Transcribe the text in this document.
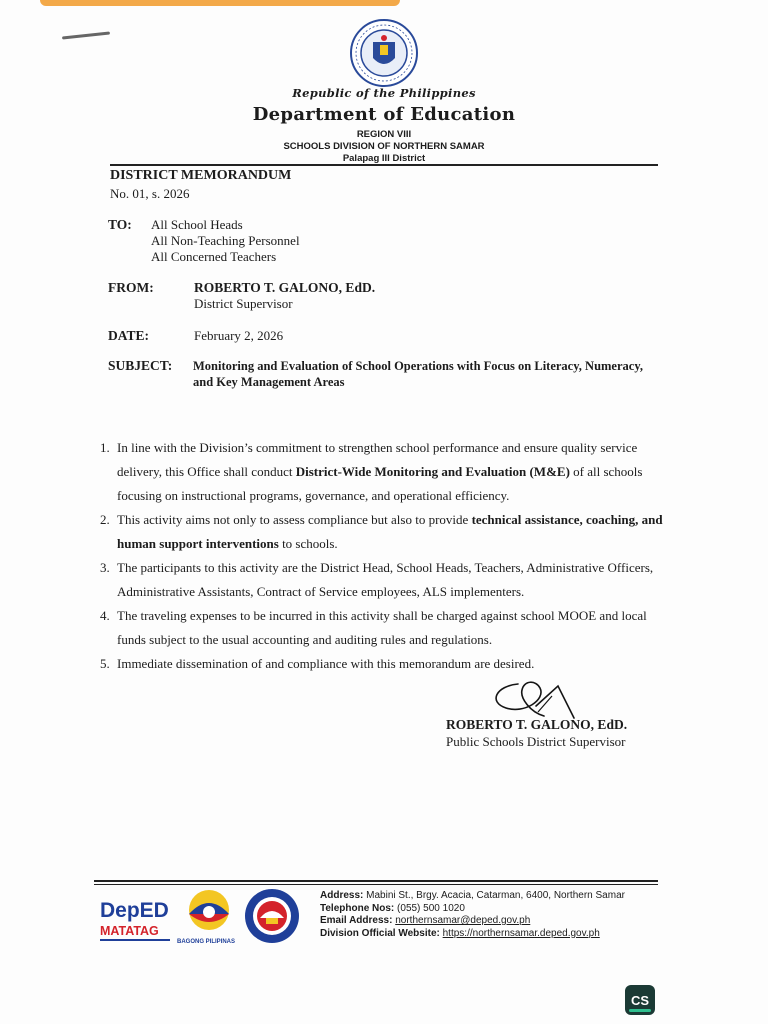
Republic of the Philippines
Department of Education
REGION VIII
SCHOOLS DIVISION OF NORTHERN SAMAR
Palapag III District
DISTRICT MEMORANDUM
No. 01, s. 2026
TO: All School Heads
All Non-Teaching Personnel
All Concerned Teachers
FROM:	ROBERTO T. GALONO, EdD.
District Supervisor
DATE:	February 2, 2026
SUBJECT: Monitoring and Evaluation of School Operations with Focus on Literacy, Numeracy, and Key Management Areas
1. In line with the Division’s commitment to strengthen school performance and ensure quality service delivery, this Office shall conduct District-Wide Monitoring and Evaluation (M&E) of all schools focusing on instructional programs, governance, and operational efficiency.
2. This activity aims not only to assess compliance but also to provide technical assistance, coaching, and human support interventions to schools.
3. The participants to this activity are the District Head, School Heads, Teachers, Administrative Officers, Administrative Assistants, Contract of Service employees, ALS implementers.
4. The traveling expenses to be incurred in this activity shall be charged against school MOOE and local funds subject to the usual accounting and auditing rules and regulations.
5. Immediate dissemination of and compliance with this memorandum are desired.
ROBERTO T. GALONO, EdD.
Public Schools District Supervisor
DepED
MATATAG
BAGONG PILIPINAS
Address: Mabini St., Brgy. Acacia, Catarman, 6400, Northern Samar
Telephone Nos: (055) 500 1020
Email Address: northernsamar@deped.gov.ph
Division Official Website: https://northernsamar.deped.gov.ph
CS
